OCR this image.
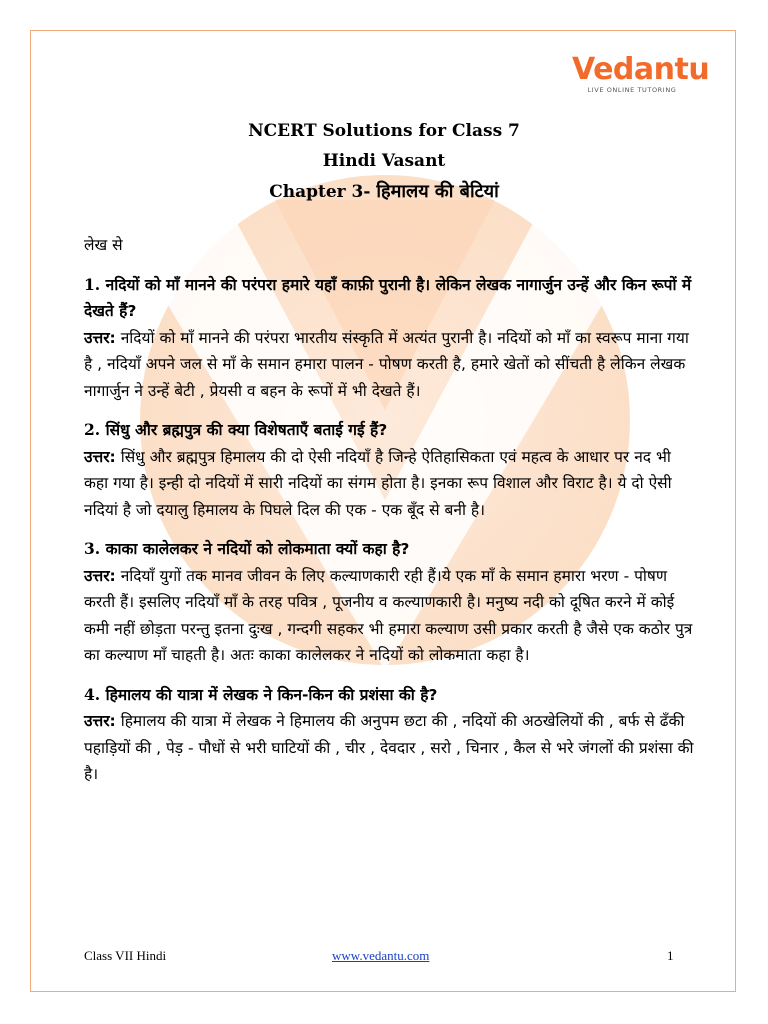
Vedantu
LIVE ONLINE TUTORING
NCERT Solutions for Class 7
Hindi Vasant
Chapter 3- हिमालय की बेटियां
लेख से
1. नदियों को माँ मानने की परंपरा हमारे यहाँ काफ़ी पुरानी है। लेकिन लेखक नागार्जुन उन्हें और किन रूपों में देखते हैं?
उत्तर: नदियों को माँ मानने की परंपरा भारतीय संस्कृति में अत्यंत पुरानी है। नदियों को माँ का स्वरूप माना गया है , नदियाँ अपने जल से माँ के समान हमारा पालन - पोषण करती है, हमारे खेतों को सींचती है लेकिन लेखक नागार्जुन ने उन्हें बेटी , प्रेयसी व बहन के रूपों में भी देखते हैं।
2. सिंधु और ब्रह्मपुत्र की क्या विशेषताएँ बताई गई हैं?
उत्तर: सिंधु और ब्रह्मपुत्र हिमालय की दो ऐसी नदियाँ है जिन्हे ऐतिहासिकता एवं महत्व के आधार पर नद भी कहा गया है। इन्ही दो नदियों में सारी नदियों का संगम होता है। इनका रूप विशाल और विराट है। ये दो ऐसी नदियां है जो दयालु हिमालय के पिघले दिल की एक - एक बूँद से बनी है।
3. काका कालेलकर ने नदियों को लोकमाता क्यों कहा है?
उत्तर: नदियाँ युगों तक मानव जीवन के लिए कल्याणकारी रही हैं।ये एक माँ के समान हमारा भरण - पोषण करती हैं। इसलिए नदियाँ माँ के तरह पवित्र , पूजनीय व कल्याणकारी है। मनुष्य नदी को दूषित करने में कोई कमी नहीं छोड़ता परन्तु इतना दुःख , गन्दगी सहकर भी हमारा कल्याण उसी प्रकार करती है जैसे एक कठोर पुत्र का कल्याण माँ चाहती है। अतः काका कालेलकर ने नदियों को लोकमाता कहा है।
4. हिमालय की यात्रा में लेखक ने किन-किन की प्रशंसा की है?
उत्तर: हिमालय की यात्रा में लेखक ने हिमालय की अनुपम छटा की , नदियों की अठखेलियों की , बर्फ से ढँकी पहाड़ियों की , पेड़ - पौधों से भरी घाटियों की , चीर , देवदार , सरो , चिनार , कैल से भरे जंगलों की प्रशंसा की है।
Class VII Hindi	www.vedantu.com	1
